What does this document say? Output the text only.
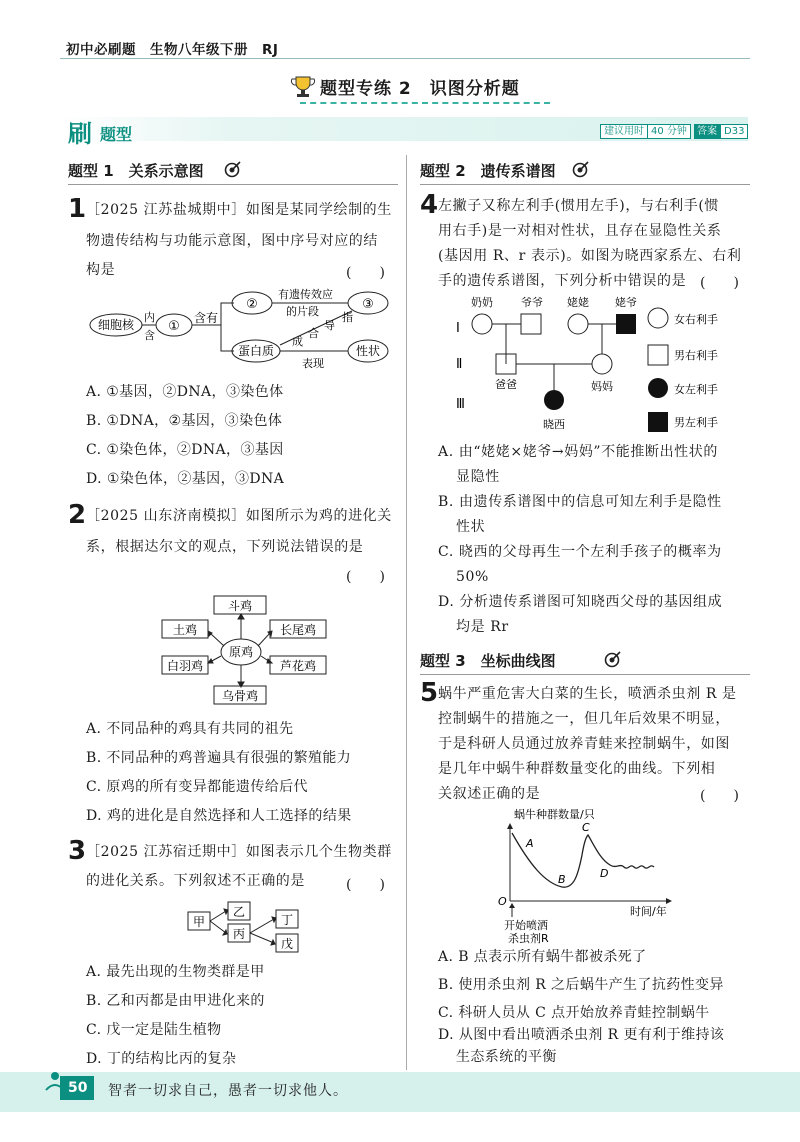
初中必刷题　生物八年级下册　RJ
题型专练 2　识图分析题
刷 题型	建议用时 40 分钟	答案 D33
题型 1　关系示意图
1 ［2025 江苏盐城期中］如图是某同学绘制的生
物遗传结构与功能示意图，图中序号对应的结
构是	(　　)
细胞核
内
含
①
含有
②
有遗传效应
的片段	③
蛋白质
成
合
导
指
表现
性状
A. ①基因，②DNA，③染色体
B. ①DNA，②基因，③染色体
C. ①染色体，②DNA，③基因
D. ①染色体，②基因，③DNA
2 ［2025 山东济南模拟］如图所示为鸡的进化关
系，根据达尔文的观点，下列说法错误的是
(　　)
斗鸡
土鸡	长尾鸡
原鸡
白羽鸡	芦花鸡
乌骨鸡
A. 不同品种的鸡具有共同的祖先
B. 不同品种的鸡普遍具有很强的繁殖能力
C. 原鸡的所有变异都能遗传给后代
D. 鸡的进化是自然选择和人工选择的结果
3 ［2025 江苏宿迁期中］如图表示几个生物类群
的进化关系。下列叙述不正确的是	(　　)
甲
乙
丙
丁
戊
A. 最先出现的生物类群是甲
B. 乙和丙都是由甲进化来的
C. 戊一定是陆生植物
D. 丁的结构比丙的复杂
题型 2　遗传系谱图
4 左撇子又称左利手(惯用左手)，与右利手(惯
用右手)是一对相对性状，且存在显隐性关系
(基因用 R、r 表示)。如图为晓西家系左、右利
手的遗传系谱图，下列分析中错误的是 (　　)
Ⅰ
Ⅱ
Ⅲ
奶奶	爷爷 姥姥 姥爷
爸爸	妈妈
晓西
女右利手
男右利手
女左利手
男左利手
A. 由“姥姥×姥爷→妈妈”不能推断出性状的
显隐性
B. 由遗传系谱图中的信息可知左利手是隐性
性状
C. 晓西的父母再生一个左利手孩子的概率为
50%
D. 分析遗传系谱图可知晓西父母的基因组成
均是 Rr
题型 3　坐标曲线图
5 蜗牛严重危害大白菜的生长，喷洒杀虫剂 R 是
控制蜗牛的措施之一，但几年后效果不明显，
于是科研人员通过放养青蛙来控制蜗牛，如图
是几年中蜗牛种群数量变化的曲线。下列相
关叙述正确的是	(　　)
蜗牛种群数量/只
O
时间/年
A
B
C
D
开始喷洒
杀虫剂R
A. B 点表示所有蜗牛都被杀死了
B. 使用杀虫剂 R 之后蜗牛产生了抗药性变异
C. 科研人员从 C 点开始放养青蛙控制蜗牛
D. 从图中看出喷洒杀虫剂 R 更有利于维持该
生态系统的平衡
50 智者一切求自己，愚者一切求他人。
